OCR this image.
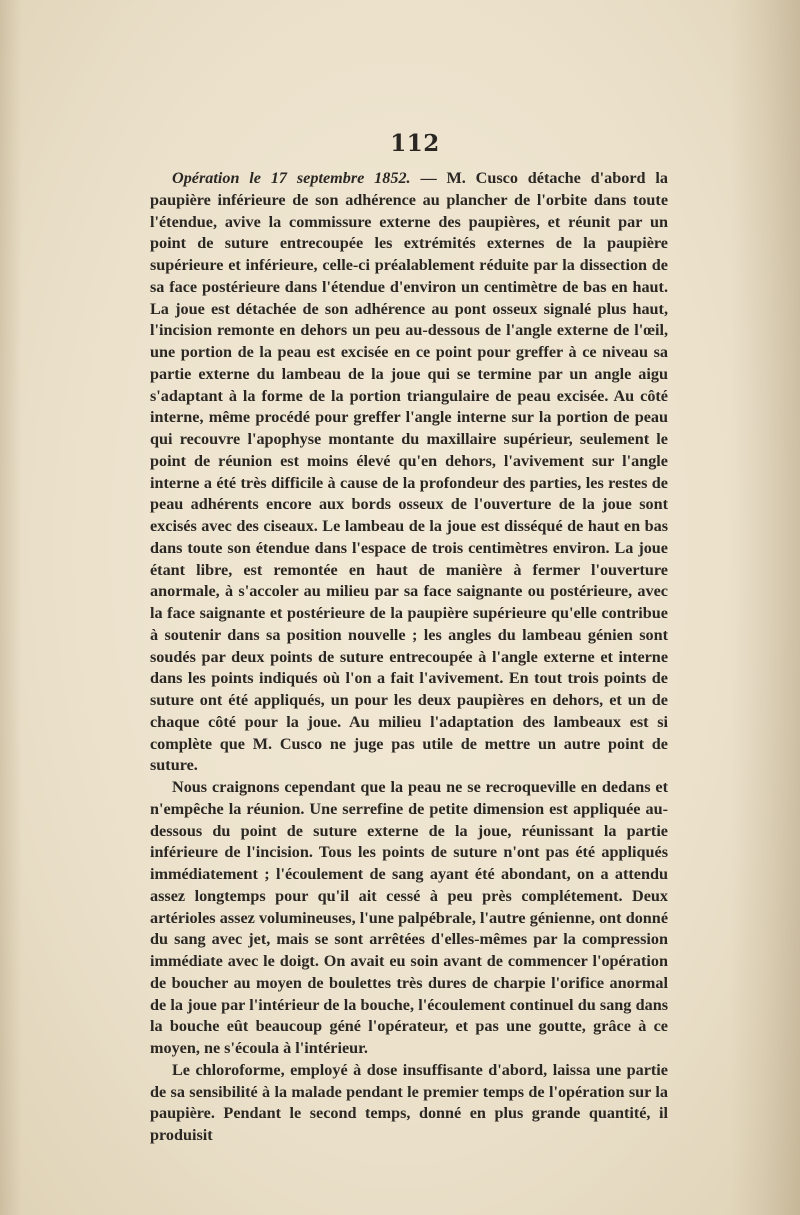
112

Opération le 17 septembre 1852. — M. Cusco détache d'abord la paupière inférieure de son adhérence au plancher de l'orbite dans toute l'étendue, avive la commissure externe des paupières, et réunit par un point de suture entrecoupée les extrémités externes de la paupière supérieure et inférieure, celle-ci préalablement réduite par la dissection de sa face postérieure dans l'étendue d'environ un centimètre de bas en haut. La joue est détachée de son adhérence au pont osseux signalé plus haut, l'incision remonte en dehors un peu au-dessous de l'angle externe de l'œil, une portion de la peau est excisée en ce point pour greffer à ce niveau sa partie externe du lambeau de la joue qui se termine par un angle aigu s'adaptant à la forme de la portion triangulaire de peau excisée. Au côté interne, même procédé pour greffer l'angle interne sur la portion de peau qui recouvre l'apophyse montante du maxillaire supérieur, seulement le point de réunion est moins élevé qu'en dehors, l'avivement sur l'angle interne a été très difficile à cause de la profondeur des parties, les restes de peau adhérents encore aux bords osseux de l'ouverture de la joue sont excisés avec des ciseaux. Le lambeau de la joue est disséqué de haut en bas dans toute son étendue dans l'espace de trois centimètres environ. La joue étant libre, est remontée en haut de manière à fermer l'ouverture anormale, à s'accoler au milieu par sa face saignante ou postérieure, avec la face saignante et postérieure de la paupière supérieure qu'elle contribue à soutenir dans sa position nouvelle ; les angles du lambeau génien sont soudés par deux points de suture entrecoupée à l'angle externe et interne dans les points indiqués où l'on a fait l'avivement. En tout trois points de suture ont été appliqués, un pour les deux paupières en dehors, et un de chaque côté pour la joue. Au milieu l'adaptation des lambeaux est si complète que M. Cusco ne juge pas utile de mettre un autre point de suture.

Nous craignons cependant que la peau ne se recroqueville en dedans et n'empêche la réunion. Une serrefine de petite dimension est appliquée au-dessous du point de suture externe de la joue, réunissant la partie inférieure de l'incision. Tous les points de suture n'ont pas été appliqués immédiatement ; l'écoulement de sang ayant été abondant, on a attendu assez longtemps pour qu'il ait cessé à peu près complétement. Deux artérioles assez volumineuses, l'une palpébrale, l'autre génienne, ont donné du sang avec jet, mais se sont arrêtées d'elles-mêmes par la compression immédiate avec le doigt. On avait eu soin avant de commencer l'opération de boucher au moyen de boulettes très dures de charpie l'orifice anormal de la joue par l'intérieur de la bouche, l'écoulement continuel du sang dans la bouche eût beaucoup géné l'opérateur, et pas une goutte, grâce à ce moyen, ne s'écoula à l'intérieur.

Le chloroforme, employé à dose insuffisante d'abord, laissa une partie de sa sensibilité à la malade pendant le premier temps de l'opération sur la paupière. Pendant le second temps, donné en plus grande quantité, il produisit
